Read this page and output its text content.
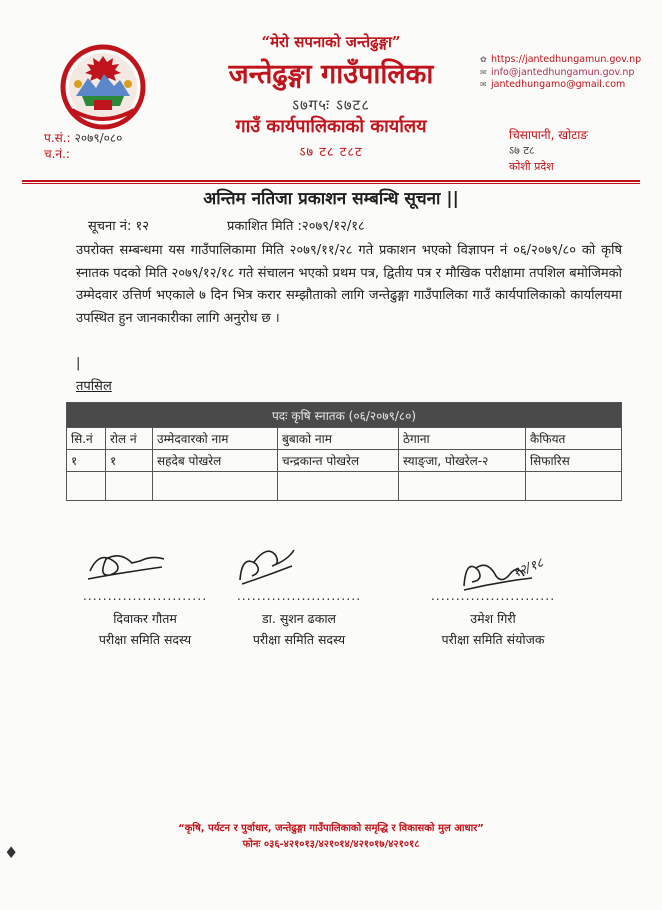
“मेरो सपनाको जन्तेढुङ्गा”
जन्तेढुङ्गा गाउँपालिका
ऽ७ग५ः ऽ७ट८
गाउँ कार्यपालिकाको कार्यालय
ऽ७ ट८ ट८ट
✿ https://jantedhungamun.gov.np
✉ info@jantedhungamun.gov.np
✉ jantedhungamo@gmail.com
प.सं.: २०७९/०८०
च.नं.:
चिसापानी, खोटाङ
ऽ७ ट८
कोशी प्रदेश
अन्तिम नतिजा प्रकाशन सम्बन्धि सूचना ||
सूचना नं: १२	प्रकाशित मिति :२०७९/१२/१८
उपरोक्त सम्बन्धमा यस गाउँपालिकामा मिति २०७९/११/२८ गते प्रकाशन भएको विज्ञापन नं ०६/२०७९/८० को कृषि स्नातक पदको मिति २०७९/१२/१८ गते संचालन भएको प्रथम पत्र, द्वितीय पत्र र मौखिक परीक्षामा तपशिल बमोजिमको उम्मेदवार उत्तिर्ण भएकाले ७ दिन भित्र करार सम्झौताको लागि जन्तेढुङ्गा गाउँपालिका गाउँ कार्यपालिकाको कार्यालयमा उपस्थित हुन जानकारीका लागि अनुरोध छ ।
|
तपसिल
पदः कृषि स्नातक (०६/२०७९/८०)					
सि.नं	रोल नं	उम्मेदवारको नाम	बुबाको नाम	ठेगाना	कैफियत
१	१	सहदेब पोखरेल	चन्द्रकान्त पोखरेल	स्याङ्जा, पोखरेल-२	सिफारिस

१२/१८
.........................
दिवाकर गौतम
परीक्षा समिति सदस्य
.........................
डा. सुशन ढकाल
परीक्षा समिति सदस्य
.........................
उमेश गिरी
परीक्षा समिति संयोजक
“कृषि, पर्यटन र पुर्वाधार, जन्तेढुङ्गा गाउँपालिकाको समृद्धि र विकासको मुल आधार”
फोनः ०३६-४२१०१३/४२१०१४/४२१०१७/४२१०१८
♦
